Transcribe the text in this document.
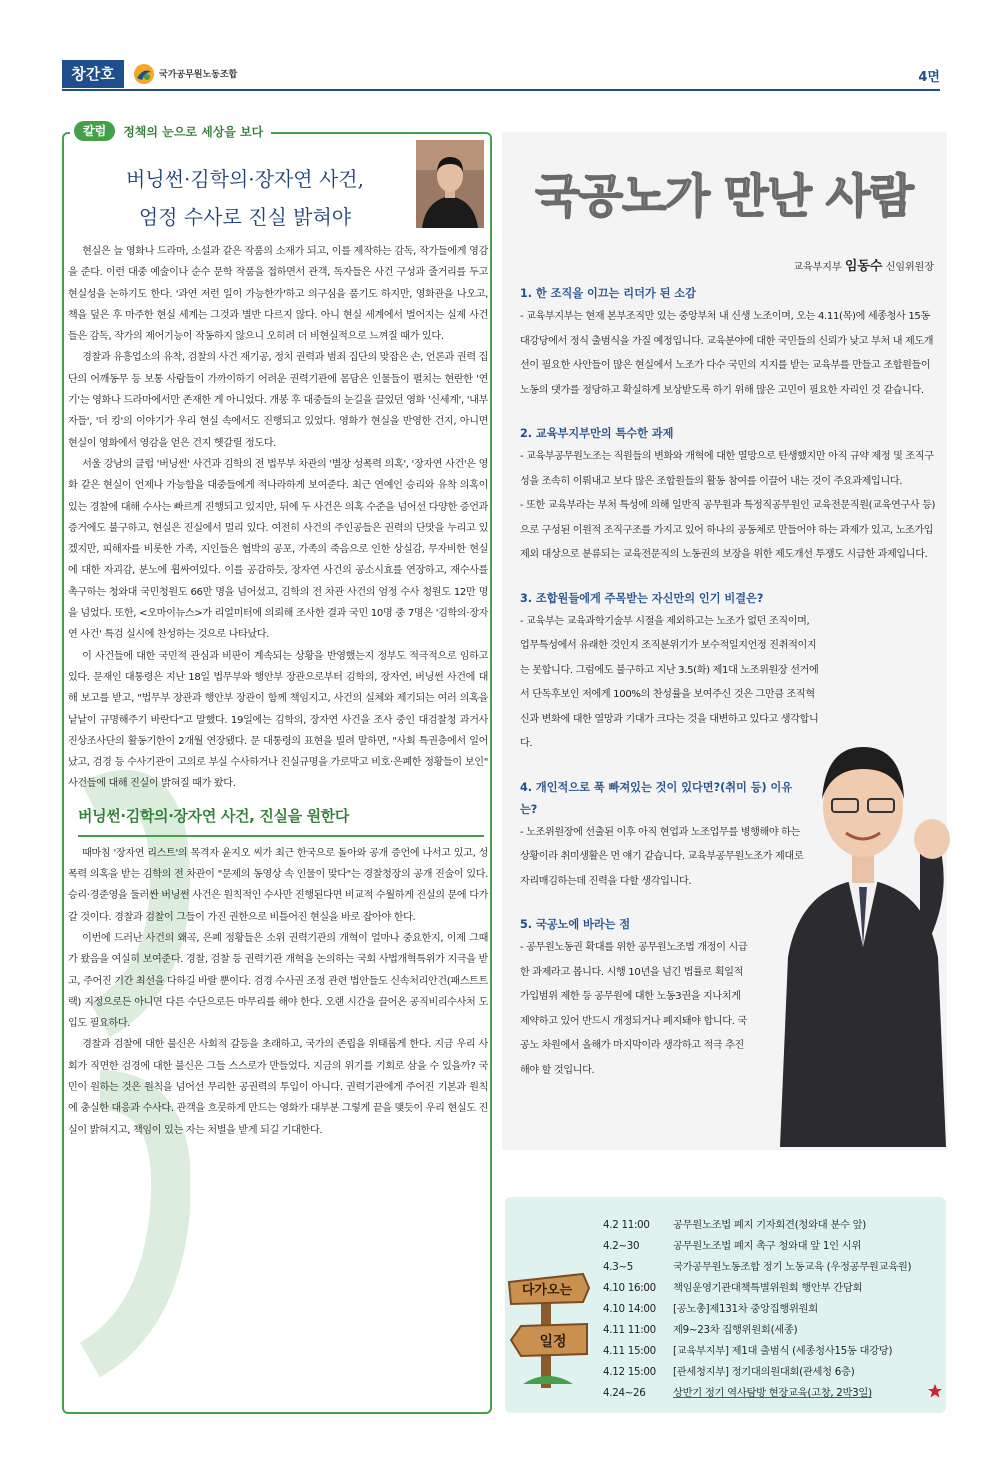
창간호	국가공무원노동조합	4면
칼럼	정책의 눈으로 세상을 보다
버닝썬·김학의·장자연 사건,
엄정 수사로 진실 밝혀야

현실은 늘 영화나 드라마, 소설과 같은 작품의 소재가 되고, 이를 제작하는 감독, 작가들에게 영감을 준다. 이런 대중 예술이나 순수 문학 작품을 접하면서 관객, 독자들은 사건 구성과 줄거리를 두고 현실성을 논하기도 한다. '과연 저런 일이 가능한가'하고 의구심을 품기도 하지만, 영화관을 나오고, 책을 덮은 후 마주한 현실 세계는 그것과 별반 다르지 않다. 아니 현실 세계에서 벌어지는 실제 사건들은 감독, 작가의 제어기능이 작동하지 않으니 오히려 더 비현실적으로 느껴질 때가 있다.

경찰과 유흥업소의 유착, 검찰의 사건 재기공, 정치 권력과 범죄 집단의 맞잡은 손, 언론과 권력 집단의 어깨동무 등 보통 사람들이 가까이하기 어려운 권력기관에 몸담은 인물들이 펼치는 현란한 '연기'는 영화나 드라마에서만 존재한 게 아니었다. 개봉 후 대중들의 눈길을 끌었던 영화 '신세계', '내부자들', '더 킹'의 이야기가 우리 현실 속에서도 진행되고 있었다. 영화가 현실을 반영한 건지, 아니면 현실이 영화에서 영감을 얻은 건지 헷갈릴 정도다.

서울 강남의 클럽 '버닝썬' 사건과 김학의 전 법무부 차관의 '별장 성폭력 의혹', '장자연 사건'은 영화 같은 현실이 언제나 가능함을 대중들에게 적나라하게 보여준다. 최근 연예인 승리와 유착 의혹이 있는 경찰에 대해 수사는 빠르게 진행되고 있지만, 뒤에 두 사건은 의혹 수준을 넘어선 다양한 증언과 증거에도 불구하고, 현실은 진실에서 멀리 있다. 여전히 사건의 주인공들은 권력의 단맛을 누리고 있겠지만, 피해자를 비롯한 가족, 지인들은 협박의 공포, 가족의 죽음으로 인한 상실감, 무자비한 현실에 대한 자괴감, 분노에 휩싸여있다. 이를 공감하듯, 장자연 사건의 공소시효를 연장하고, 재수사를 촉구하는 청와대 국민청원도 66만 명을 넘어섰고, 김학의 전 차관 사건의 엄정 수사 청원도 12만 명을 넘었다. 또한, <오마이뉴스>가 리얼미터에 의뢰해 조사한 결과 국민 10명 중 7명은 '김학의·장자연 사건' 특검 실시에 찬성하는 것으로 나타났다.

이 사건들에 대한 국민적 관심과 비판이 계속되는 상황을 반영했는지 정부도 적극적으로 임하고 있다. 문재인 대통령은 지난 18일 법무부와 행안부 장관으로부터 김학의, 장자연, 버닝썬 사건에 대해 보고를 받고, "법무부 장관과 행안부 장관이 함께 책임지고, 사건의 실체와 제기되는 여러 의혹을 낱낱이 규명해주기 바란다"고 말했다. 19일에는 김학의, 장자연 사건을 조사 중인 대검찰청 과거사진상조사단의 활동기한이 2개월 연장됐다. 문 대통령의 표현을 빌려 말하면, "사회 특권층에서 일어났고, 검경 등 수사기관이 고의로 부실 수사하거나 진실규명을 가로막고 비호·은폐한 정황들이 보인" 사건들에 대해 진실이 밝혀질 때가 왔다.

버닝썬·김학의·장자연 사건, 진실을 원한다

때마침 '장자연 리스트'의 목격자 윤지오 씨가 최근 한국으로 돌아와 공개 증언에 나서고 있고, 성폭력 의혹을 받는 김학의 전 차관이 "문제의 동영상 속 인물이 맞다"는 경찰청장의 공개 진술이 있다. 승리·경준영을 둘러싼 버닝썬 사건은 원칙적인 수사만 진행된다면 비교적 수월하게 진실의 문에 다가갈 것이다. 경찰과 검찰이 그들이 가진 권한으로 비틀어진 현실을 바로 잡아야 한다.

이번에 드러난 사건의 왜곡, 은폐 정황들은 소위 권력기관의 개혁이 얼마나 중요한지, 이제 그때가 왔음을 여실히 보여준다. 경찰, 검찰 등 권력기관 개혁을 논의하는 국회 사법개혁특위가 지극을 받고, 주어진 기간 최선을 다하길 바랄 뿐이다. 검경 수사권 조정 관련 법안들도 신속처리안건(패스트트랙) 지정으로든 아니면 다른 수단으로든 마무리를 해야 한다. 오랜 시간을 끌어온 공직비리수사처 도입도 필요하다.

경찰과 검찰에 대한 불신은 사회적 갈등을 초래하고, 국가의 존립을 위태롭게 한다. 지금 우리 사회가 직면한 검경에 대한 불신은 그들 스스로가 만들었다. 지금의 위기를 기회로 삼을 수 있을까? 국민이 원하는 것은 원칙을 넘어선 무리한 공권력의 투입이 아니다. 권력기관에게 주어진 기본과 원칙에 충실한 대응과 수사다. 관객을 흐뭇하게 만드는 영화가 대부분 그렇게 끝을 맺듯이 우리 현실도 진실이 밝혀지고, 책임이 있는 자는 처벌을 받게 되길 기대한다.

국공노가 만난 사람
교육부지부 임동수 신임위원장
1. 한 조직을 이끄는 리더가 된 소감
- 교육부지부는 현재 본부조직만 있는 중앙부처 내 신생 노조이며, 오는 4.11(목)에 세종청사 15동 대강당에서 정식 출범식을 가질 예정입니다. 교육분야에 대한 국민들의 신뢰가 낮고 부처 내 제도개선이 필요한 사안들이 많은 현실에서 노조가 다수 국민의 지지를 받는 교육부를 만들고 조합원들이 노동의 댓가를 정당하고 확실하게 보상받도록 하기 위해 많은 고민이 필요한 자리인 것 같습니다.
2. 교육부지부만의 특수한 과제
- 교육부공무원노조는 직원들의 변화와 개혁에 대한 열망으로 탄생했지만 아직 규약 제정 및 조직구성을 조속히 이뤄내고 보다 많은 조합원들의 활동 참여를 이끌어 내는 것이 주요과제입니다.
- 또한 교육부라는 부처 특성에 의해 일반직 공무원과 특정직공무원인 교육전문직원(교육연구사 등)으로 구성된 이원적 조직구조를 가지고 있어 하나의 공동체로 만들어야 하는 과제가 있고, 노조가입 제외 대상으로 분류되는 교육전문직의 노동권의 보장을 위한 제도개선 투쟁도 시급한 과제입니다.
3. 조합원들에게 주목받는 자신만의 인기 비결은?
- 교육부는 교육과학기술부 시절을 제외하고는 노조가 없던 조직이며, 업무특성에서 유래한 것인지 조직분위기가 보수적일지언정 진취적이지는 못합니다. 그럼에도 불구하고 지난 3.5(화) 제1대 노조위원장 선거에서 단독후보인 저에게 100%의 찬성률을 보여주신 것은 그만큼 조직혁신과 변화에 대한 열망과 기대가 크다는 것을 대변하고 있다고 생각합니다.
4. 개인적으로 푹 빠져있는 것이 있다면?(취미 등) 이유는?
- 노조위원장에 선출된 이후 아직 현업과 노조업무를 병행해야 하는 상황이라 취미생활은 먼 얘기 같습니다. 교육부공무원노조가 제대로 자리매김하는데 진력을 다할 생각입니다.
5. 국공노에 바라는 점
- 공무원노동권 확대를 위한 공무원노조법 개정이 시급한 과제라고 봅니다. 시행 10년을 넘긴 법률로 획일적 가입범위 제한 등 공무원에 대한 노동3권을 지나치게 제약하고 있어 반드시 개정되거나 폐지돼야 합니다. 국공노 차원에서 올해가 마지막이라 생각하고 적극 추진해야 할 것입니다.
다가오는
일정
4.2 11:00	공무원노조법 폐지 기자회견(청와대 분수 앞)
4.2~30	공무원노조법 폐지 촉구 청와대 앞 1인 시위
4.3~5	국가공무원노동조합 정기 노동교육 (우정공무원교육원)
4.10 16:00	책임운영기관대책특별위원회 행안부 간담회
4.10 14:00	[공노총]제131차 중앙집행위원회
4.11 11:00	제9~23차 집행위원회(세종)
4.11 15:00	[교육부지부] 제1대 출범식 (세종청사15동 대강당)
4.12 15:00	[관세청지부] 정기대의원대회(관세청 6층)
4.24~26	상반기 정기 역사탐방 현장교육(고창, 2박3일)
